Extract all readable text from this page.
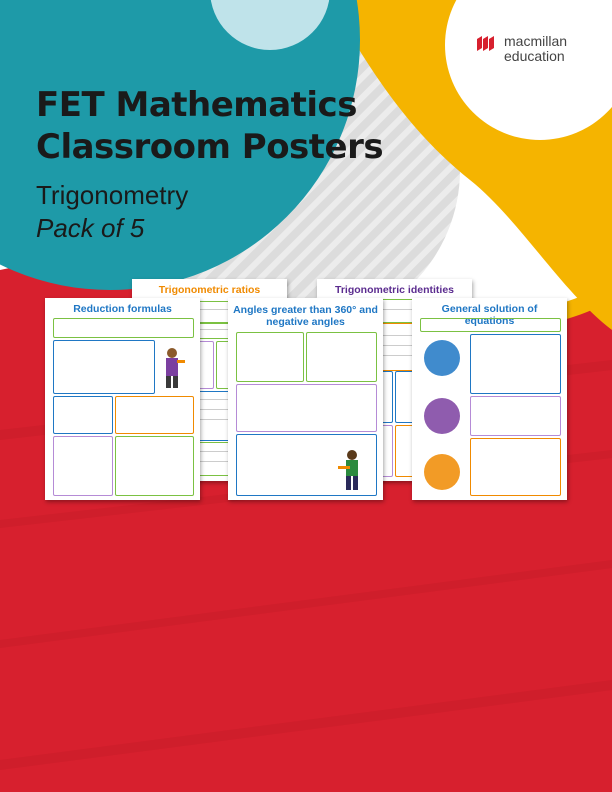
macmillan
education
FET Mathematics
Classroom Posters
Trigonometry
Pack of 5
Trigonometric ratios	Trigonometric identities
Reduction formulas	Angles greater than 360° and
negative angles
General solution of equations
